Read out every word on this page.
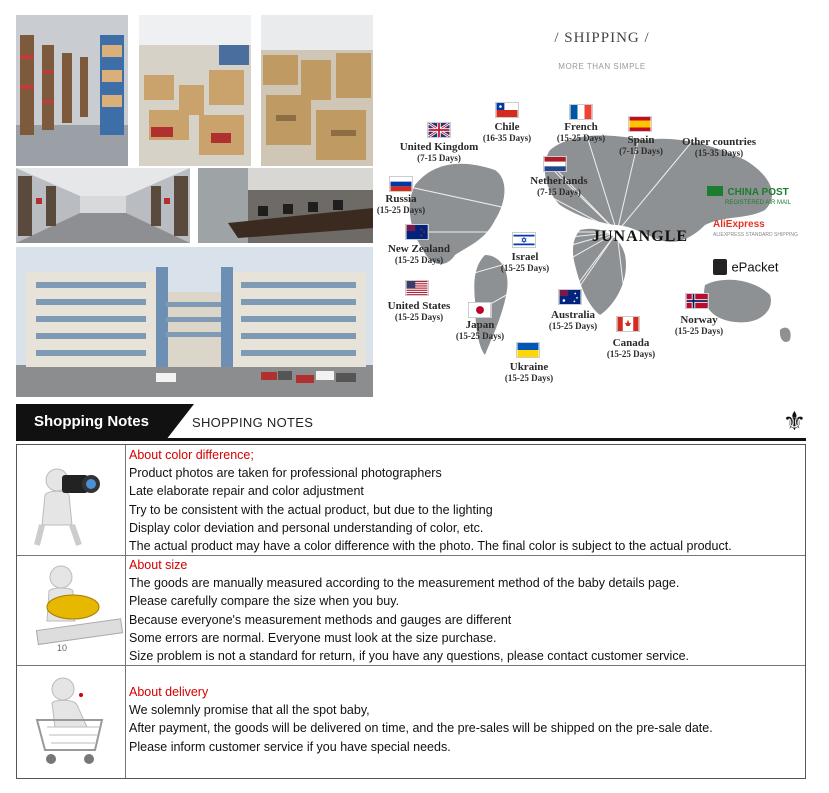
/ SHIPPING /
MORE THAN SIMPLE
United Kingdom
(7-15 Days)
Chile
(16-35 Days)
French
(15-25 Days)	Spain
(7-15 Days)
Other countries
(15-35 Days)
Netherlands
(7-15 Days)
Russia
(15-25 Days)
New Zealand
(15-25 Days)	Israel
(15-25 Days)
United States
(15-25 Days)
Japan
(15-25 Days)
Australia
(15-25 Days)	Norway
(15-25 Days)
Canada
(15-25 Days)
Ukraine
(15-25 Days)
JUNANGLE
CHINA POST
REGISTERED AIR MAIL
AliExpress
ALIEXPRESS STANDARD SHIPPING
ePacket
Shopping Notes	SHOPPING NOTES	⚜
About color difference;
Product photos are taken for professional photographers
Late elaborate repair and color adjustment
Try to be consistent with the actual product, but due to the lighting
Display color deviation and personal understanding of color, etc.
The actual product may have a color difference with the photo. The final color is subject to the actual product.
10
About size
The goods are manually measured according to the measurement method of the baby details page.
Please carefully compare the size when you buy.
Because everyone's measurement methods and gauges are different
Some errors are normal. Everyone must look at the size purchase.
Size problem is not a standard for return, if you have any questions, please contact customer service.
About delivery
We solemnly promise that all the spot baby,
After payment, the goods will be delivered on time, and the pre-sales will be shipped on the pre-sale date.
Please inform customer service if you have special needs.
